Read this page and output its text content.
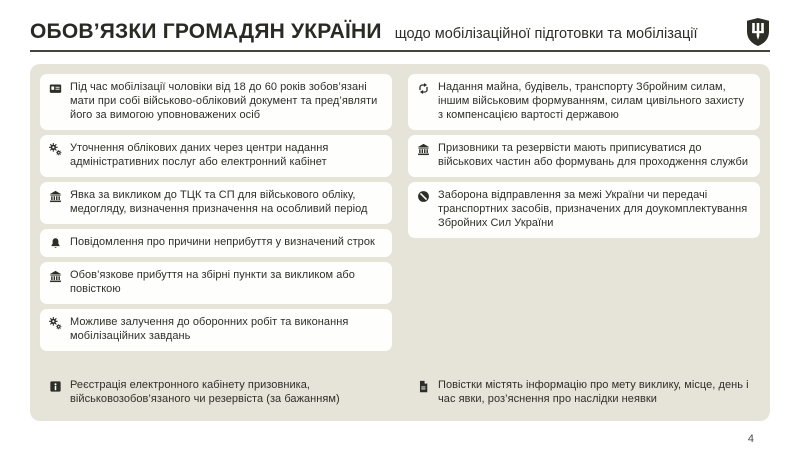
ОБОВ’ЯЗКИ ГРОМАДЯН УКРАЇНИ щодо мобілізаційної підготовки та мобілізації

Під час мобілізації чоловіки від 18 до 60 років зобов’язані мати при собі військово-обліковий документ та пред’являти його за вимогою уповноважених осіб

Уточнення облікових даних через центри надання адміністративних послуг або електронний кабінет

Явка за викликом до ТЦК та СП для військового обліку, медогляду, визначення призначення на особливий період

Повідомлення про причини неприбуття у визначений строк

Обов’язкове прибуття на збірні пункти за викликом або повісткою

Можливе залучення до оборонних робіт та виконання мобілізаційних завдань

Реєстрація електронного кабінету призовника, військовозобов’язаного чи резервіста (за бажанням)

Надання майна, будівель, транспорту Збройним силам, іншим військовим формуванням, силам цивільного захисту з компенсацією вартості державою

Призовники та резервісти мають приписуватися до військових частин або формувань для проходження служби

Заборона відправлення за межі України чи передачі транспортних засобів, призначених для доукомплектування Збройних Сил України

Повістки містять інформацію про мету виклику, місце, день і час явки, роз’яснення про наслідки неявки

4
